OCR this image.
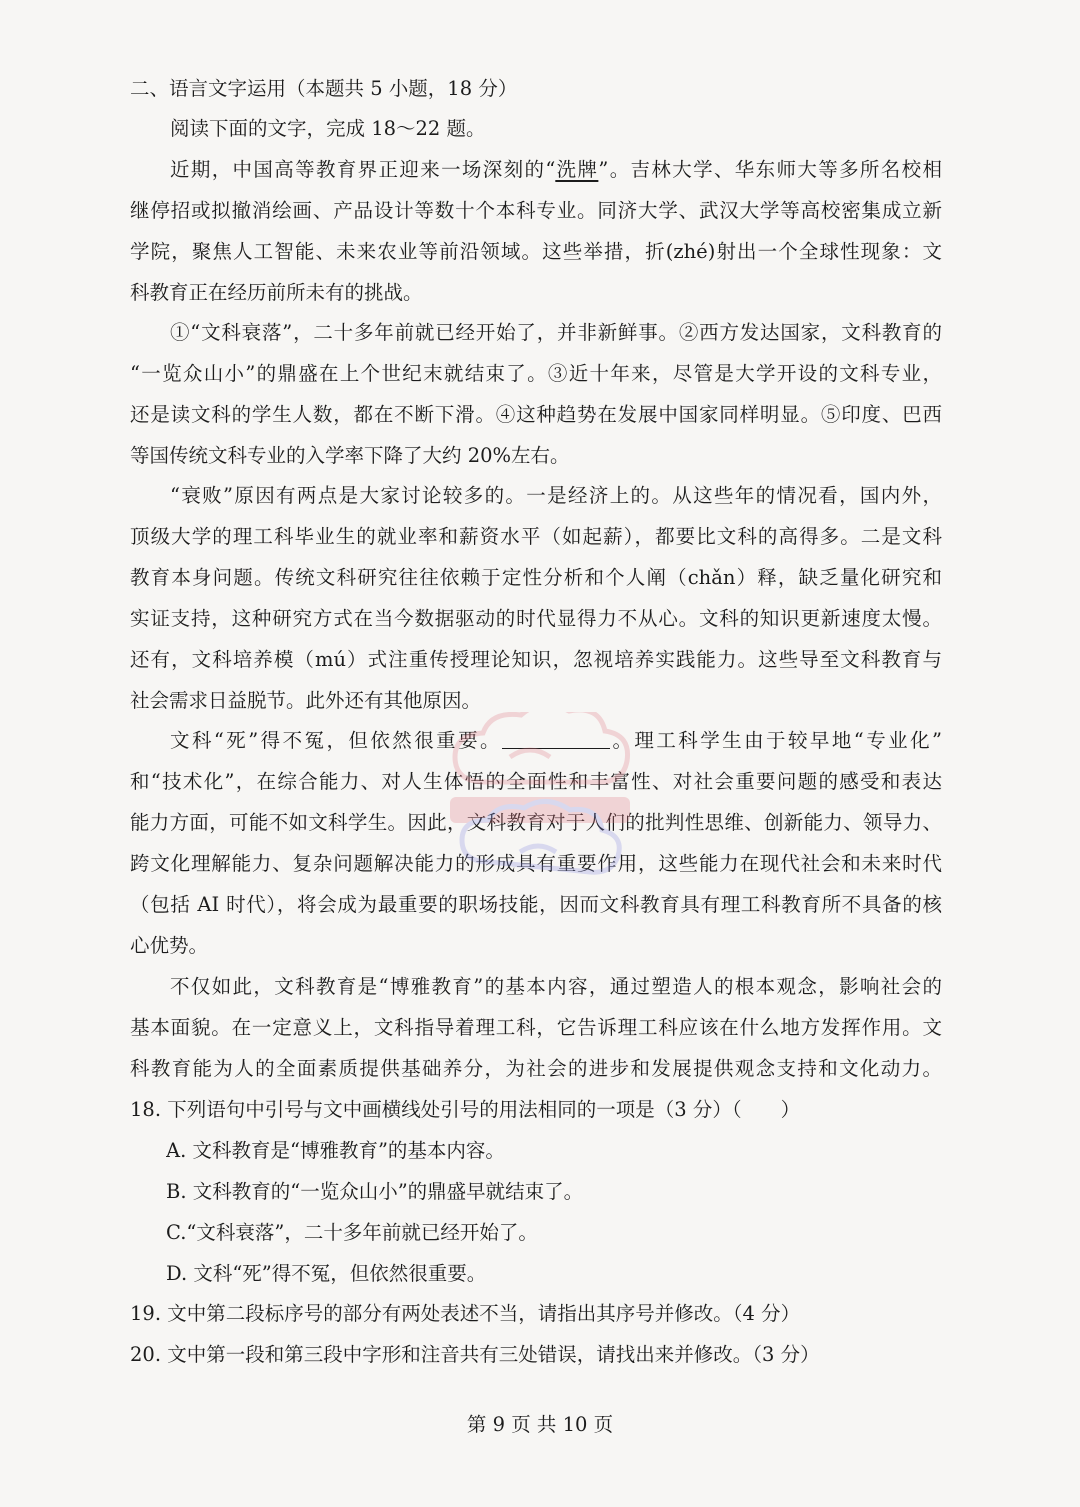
二、语言文字运用（本题共 5 小题，18 分）
阅读下面的文字，完成 18～22 题。
近期，中国高等教育界正迎来一场深刻的“洗牌”。吉林大学、华东师大等多所名校相
继停招或拟撤消绘画、产品设计等数十个本科专业。同济大学、武汉大学等高校密集成立新
学院，聚焦人工智能、未来农业等前沿领域。这些举措，折(zhé)射出一个全球性现象：文
科教育正在经历前所未有的挑战。
①“文科衰落”，二十多年前就已经开始了，并非新鲜事。②西方发达国家，文科教育的
“一览众山小”的鼎盛在上个世纪末就结束了。③近十年来，尽管是大学开设的文科专业，
还是读文科的学生人数，都在不断下滑。④这种趋势在发展中国家同样明显。⑤印度、巴西
等国传统文科专业的入学率下降了大约 20%左右。
“衰败”原因有两点是大家讨论较多的。一是经济上的。从这些年的情况看，国内外，
顶级大学的理工科毕业生的就业率和薪资水平（如起薪），都要比文科的高得多。二是文科
教育本身问题。传统文科研究往往依赖于定性分析和个人阐（chǎn）释，缺乏量化研究和
实证支持，这种研究方式在当今数据驱动的时代显得力不从心。文科的知识更新速度太慢。
还有，文科培养模（mú）式注重传授理论知识，忽视培养实践能力。这些导至文科教育与
社会需求日益脱节。此外还有其他原因。
文科“死”得不冤，但依然很重要。	。理工科学生由于较早地“专业化”
和“技术化”，在综合能力、对人生体悟的全面性和丰富性、对社会重要问题的感受和表达
能力方面，可能不如文科学生。因此，文科教育对于人们的批判性思维、创新能力、领导力、
跨文化理解能力、复杂问题解决能力的形成具有重要作用，这些能力在现代社会和未来时代
（包括 AI 时代），将会成为最重要的职场技能，因而文科教育具有理工科教育所不具备的核
心优势。
不仅如此，文科教育是“博雅教育”的基本内容，通过塑造人的根本观念，影响社会的
基本面貌。在一定意义上，文科指导着理工科，它告诉理工科应该在什么地方发挥作用。文
科教育能为人的全面素质提供基础养分，为社会的进步和发展提供观念支持和文化动力。
18. 下列语句中引号与文中画横线处引号的用法相同的一项是（3 分）（　　）
A. 文科教育是“博雅教育”的基本内容。
B. 文科教育的“一览众山小”的鼎盛早就结束了。
C.“文科衰落”，二十多年前就已经开始了。
D. 文科“死”得不冤，但依然很重要。
19. 文中第二段标序号的部分有两处表述不当，请指出其序号并修改。（4 分）
20. 文中第一段和第三段中字形和注音共有三处错误，请找出来并修改。（3 分）
第 9 页 共 10 页
